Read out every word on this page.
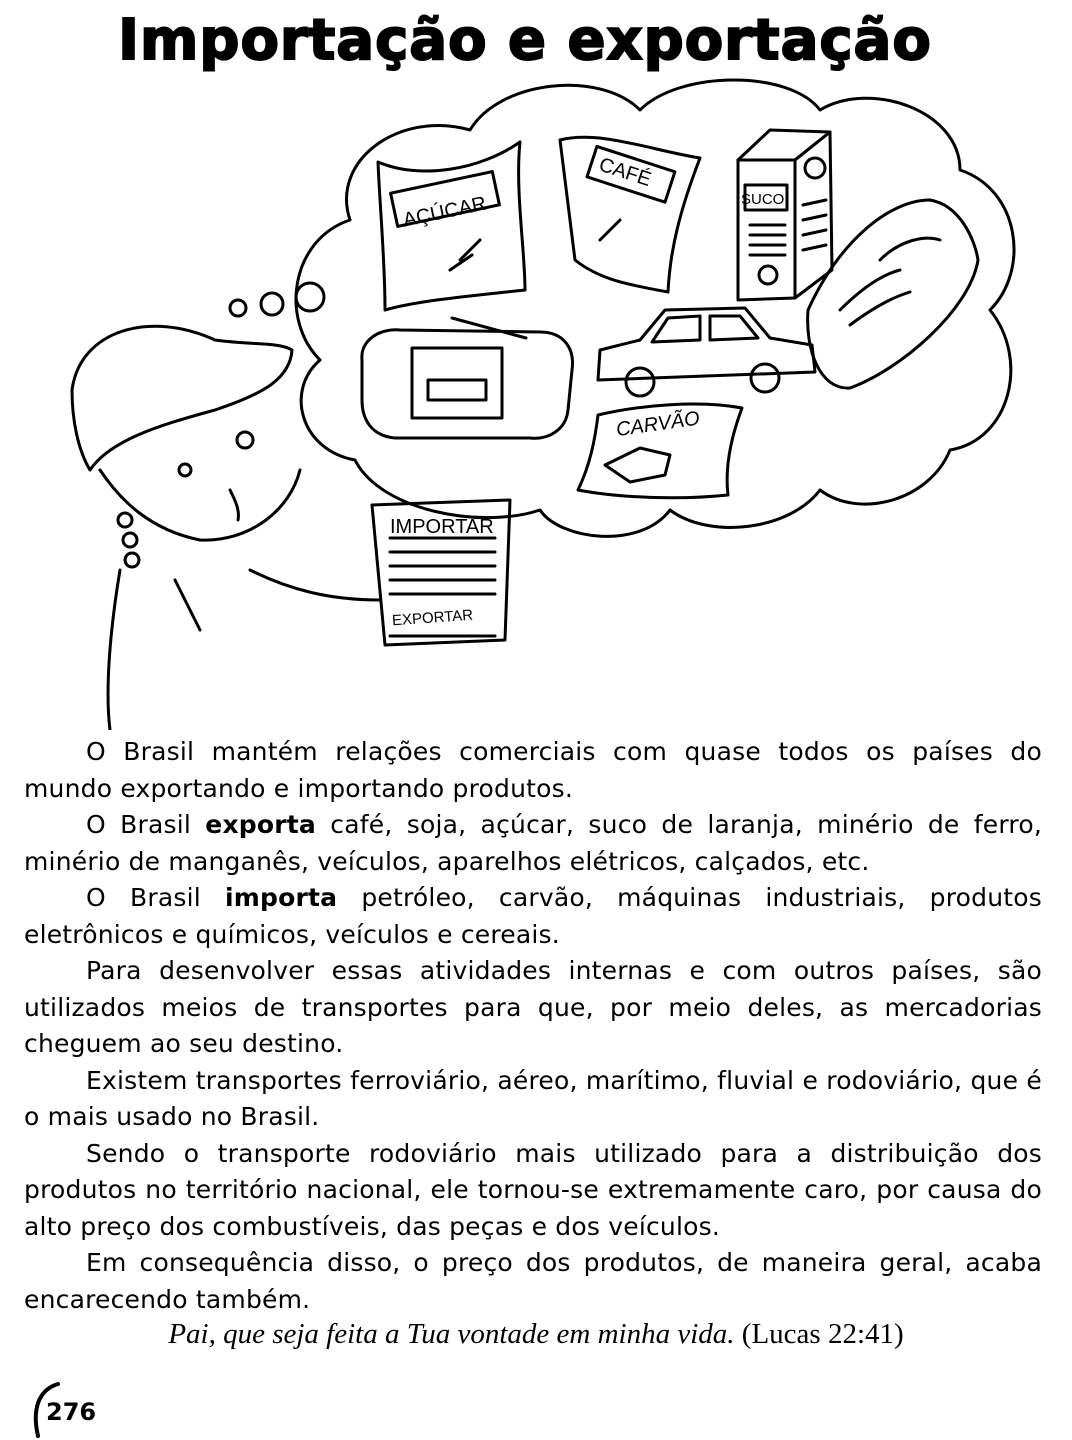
Importação e exportação
AÇÚCAR
CAFÉ
SUCO
CARVÃO
IMPORTAR
EXPORTAR

O Brasil mantém relações comerciais com quase todos os países do mundo exportando e importando produtos.

O Brasil exporta café, soja, açúcar, suco de laranja, minério de ferro, minério de manganês, veículos, aparelhos elétricos, calçados, etc.

O Brasil importa petróleo, carvão, máquinas industriais, produtos eletrônicos e químicos, veículos e cereais.

Para desenvolver essas atividades internas e com outros países, são utilizados meios de transportes para que, por meio deles, as mercadorias cheguem ao seu destino.

Existem transportes ferroviário, aéreo, marítimo, fluvial e rodoviário, que é o mais usado no Brasil.

Sendo o transporte rodoviário mais utilizado para a distribuição dos produtos no território nacional, ele tornou-se extremamente caro, por causa do alto preço dos combustíveis, das peças e dos veículos.

Em consequência disso, o preço dos produtos, de maneira geral, acaba encarecendo também.

Pai, que seja feita a Tua vontade em minha vida. (Lucas 22:41)
276
